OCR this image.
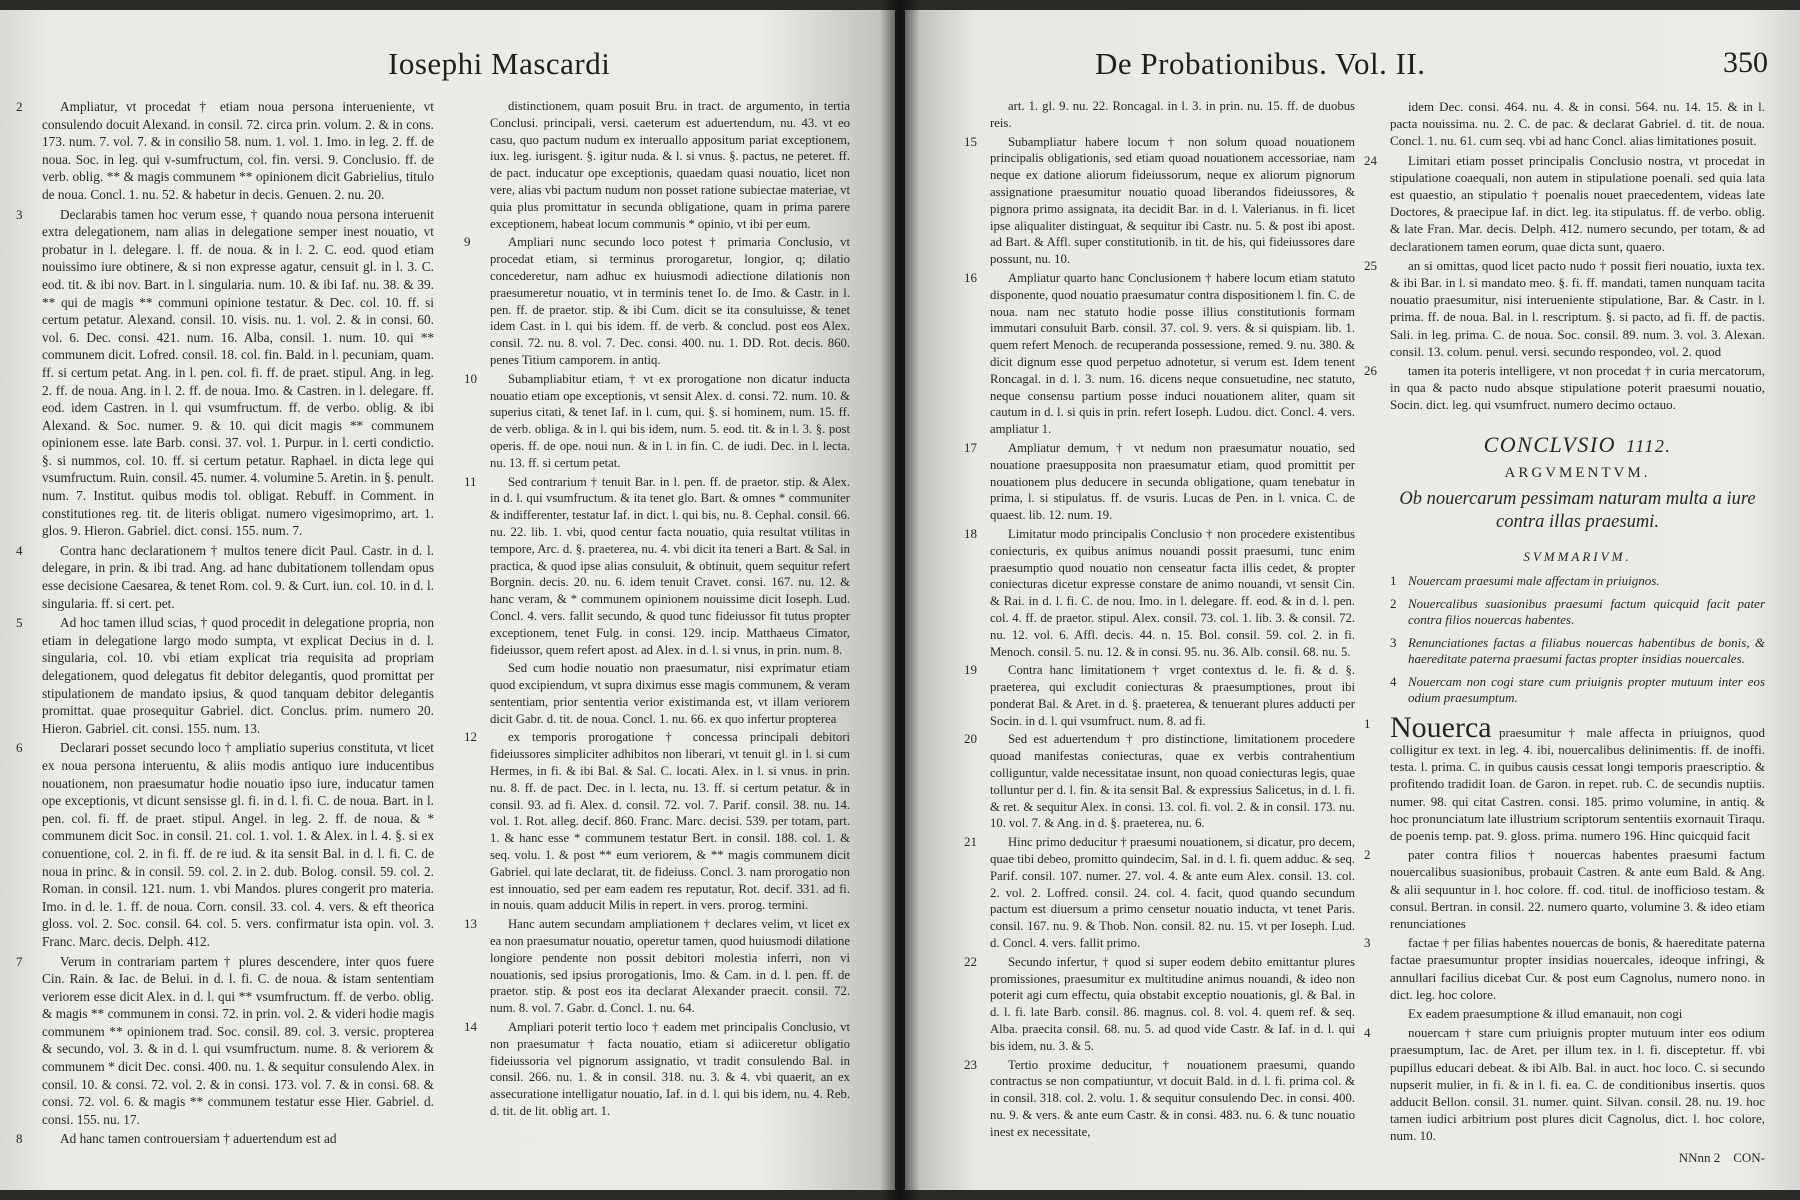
Iosephi Mascardi

2	Ampliatur, vt procedat † etiam noua persona interueniente, vt consulendo docuit Alexand. in consil. 72. circa prin. volum. 2. & in cons. 173. num. 7. vol. 7. & in consilio 58. num. 1. vol. 1. Imo. in leg. 2. ff. de noua. Soc. in leg. qui v-sumfructum, col. fin. versi. 9. Conclusio. ff. de verb. oblig. ** & magis communem ** opinionem dicit Gabrielius, titulo de noua. Concl. 1. nu. 52. & habetur in decis. Genuen. 2. nu. 20.

3	Declarabis tamen hoc verum esse, † quando noua persona interuenit extra delegationem, nam alias in delegatione semper inest nouatio, vt probatur in l. delegare. l. ff. de noua. & in l. 2. C. eod. quod etiam nouissimo iure obtinere, & si non expresse agatur, censuit gl. in l. 3. C. eod. tit. & ibi nov. Bart. in l. singularia. num. 10. & ibi Iaf. nu. 38. & 39. ** qui de magis ** communi opinione testatur. & Dec. col. 10. ff. si certum petatur. Alexand. consil. 10. visis. nu. 1. vol. 2. & in consi. 60. vol. 6. Dec. consi. 421. num. 16. Alba, consil. 1. num. 10. qui ** communem dicit. Lofred. consil. 18. col. fin. Bald. in l. pecuniam, quam. ff. si certum petat. Ang. in l. pen. col. fi. ff. de praet. stipul. Ang. in leg. 2. ff. de noua. Ang. in l. 2. ff. de noua. Imo. & Castren. in l. delegare. ff. eod. idem Castren. in l. qui vsumfructum. ff. de verbo. oblig. & ibi Alexand. & Soc. numer. 9. & 10. qui dicit magis ** communem opinionem esse. late Barb. consi. 37. vol. 1. Purpur. in l. certi condictio. §. si nummos, col. 10. ff. si certum petatur. Raphael. in dicta lege qui vsumfructum. Ruin. consil. 45. numer. 4. volumine 5. Aretin. in §. penult. num. 7. Institut. quibus modis tol. obligat. Rebuff. in Comment. in constitutiones reg. tit. de literis obligat. numero vigesimoprimo, art. 1. glos. 9. Hieron. Gabriel. dict. consi. 155. num. 7.

4	Contra hanc declarationem † multos tenere dicit Paul. Castr. in d. l. delegare, in prin. & ibi trad. Ang. ad hanc dubitationem tollendam opus esse decisione Caesarea, & tenet Rom. col. 9. & Curt. iun. col. 10. in d. l. singularia. ff. si cert. pet.

5	Ad hoc tamen illud scias, † quod procedit in delegatione propria, non etiam in delegatione largo modo sumpta, vt explicat Decius in d. l. singularia, col. 10. vbi etiam explicat tria requisita ad propriam delegationem, quod delegatus fit debitor delegantis, quod promittat per stipulationem de mandato ipsius, & quod tanquam debitor delegantis promittat. quae prosequitur Gabriel. dict. Conclus. prim. numero 20. Hieron. Gabriel. cit. consi. 155. num. 13.

6	Declarari posset secundo loco † ampliatio superius constituta, vt licet ex noua persona interuentu, & aliis modis antiquo iure inducentibus nouationem, non praesumatur hodie nouatio ipso iure, inducatur tamen ope exceptionis, vt dicunt sensisse gl. fi. in d. l. fi. C. de noua. Bart. in l. pen. col. fi. ff. de praet. stipul. Angel. in leg. 2. ff. de noua. & * communem dicit Soc. in consil. 21. col. 1. vol. 1. & Alex. in l. 4. §. si ex conuentione, col. 2. in fi. ff. de re iud. & ita sensit Bal. in d. l. fi. C. de noua in princ. & in consil. 59. col. 2. in 2. dub. Bolog. consil. 59. col. 2. Roman. in consil. 121. num. 1. vbi Mandos. plures congerit pro materia. Imo. in d. le. 1. ff. de noua. Corn. consil. 33. col. 4. vers. & eft theorica gloss. vol. 2. Soc. consil. 64. col. 5. vers. confirmatur ista opin. vol. 3. Franc. Marc. decis. Delph. 412.

7	Verum in contrariam partem † plures descendere, inter quos fuere Cin. Rain. & Iac. de Belui. in d. l. fi. C. de noua. & istam sententiam veriorem esse dicit Alex. in d. l. qui ** vsumfructum. ff. de verbo. oblig. & magis ** communem in consi. 72. in prin. vol. 2. & videri hodie magis communem ** opinionem trad. Soc. consil. 89. col. 3. versic. propterea & secundo, vol. 3. & in d. l. qui vsumfructum. nume. 8. & veriorem & communem * dicit Dec. consi. 400. nu. 1. & sequitur consulendo Alex. in consil. 10. & consi. 72. vol. 2. & in consi. 173. vol. 7. & in consi. 68. & consi. 72. vol. 6. & magis ** communem testatur esse Hier. Gabriel. d. consi. 155. nu. 17.

8	Ad hanc tamen controuersiam † aduertendum est ad

distinctionem, quam posuit Bru. in tract. de argumento, in tertia Conclusi. principali, versi. caeterum est aduertendum, nu. 43. vt eo casu, quo pactum nudum ex interuallo appositum pariat exceptionem, iux. leg. iurisgent. §. igitur nuda. & l. si vnus. §. pactus, ne peteret. ff. de pact. inducatur ope exceptionis, quaedam quasi nouatio, licet non vere, alias vbi pactum nudum non posset ratione subiectae materiae, vt quia plus promittatur in secunda obligatione, quam in prima parere exceptionem, habeat locum communis * opinio, vt ibi per eum.

9	Ampliari nunc secundo loco potest † primaria Conclusio, vt procedat etiam, si terminus prorogaretur, longior, q; dilatio concederetur, nam adhuc ex huiusmodi adiectione dilationis non praesumeretur nouatio, vt in terminis tenet Io. de Imo. & Castr. in l. pen. ff. de praetor. stip. & ibi Cum. dicit se ita consuluisse, & tenet idem Cast. in l. qui bis idem. ff. de verb. & conclud. post eos Alex. consil. 72. nu. 8. vol. 7. Dec. consi. 400. nu. 1. DD. Rot. decis. 860. penes Titium camporem. in antiq.

10 Subampliabitur etiam, † vt ex prorogatione non dicatur inducta nouatio etiam ope exceptionis, vt sensit Alex. d. consi. 72. num. 10. & superius citati, & tenet Iaf. in l. cum, qui. §. si hominem, num. 15. ff. de verb. obliga. & in l. qui bis idem, num. 5. eod. tit. & in l. 3. §. post operis. ff. de ope. noui nun. & in l. in fin. C. de iudi. Dec. in l. lecta. nu. 13. ff. si certum petat.

11 Sed contrarium † tenuit Bar. in l. pen. ff. de praetor. stip. & Alex. in d. l. qui vsumfructum. & ita tenet glo. Bart. & omnes * communiter & indifferenter, testatur Iaf. in dict. l. qui bis, nu. 8. Cephal. consil. 66. nu. 22. lib. 1. vbi, quod centur facta nouatio, quia resultat vtilitas in tempore, Arc. d. §. praeterea, nu. 4. vbi dicit ita teneri a Bart. & Sal. in practica, & quod ipse alias consuluit, & obtinuit, quem sequitur refert Borgnin. decis. 20. nu. 6. idem tenuit Cravet. consi. 167. nu. 12. & hanc veram, & * communem opinionem nouissime dicit Ioseph. Lud. Concl. 4. vers. fallit secundo, & quod tunc fideiussor fit tutus propter exceptionem, tenet Fulg. in consi. 129. incip. Matthaeus Cimator, fideiussor, quem refert apost. ad Alex. in d. l. si vnus, in prin. num. 8.

Sed cum hodie nouatio non praesumatur, nisi exprimatur etiam quod excipiendum, vt supra diximus esse magis communem, & veram sententiam, prior sententia verior existimanda est, vt illam veriorem dicit Gabr. d. tit. de noua. Concl. 1. nu. 66. ex quo infertur propterea

12 ex temporis prorogatione † concessa principali debitori fideiussores simpliciter adhibitos non liberari, vt tenuit gl. in l. si cum Hermes, in fi. & ibi Bal. & Sal. C. locati. Alex. in l. si vnus. in prin. nu. 8. ff. de pact. Dec. in l. lecta, nu. 13. ff. si certum petatur. & in consil. 93. ad fi. Alex. d. consil. 72. vol. 7. Parif. consil. 38. nu. 14. vol. 1. Rot. alleg. decif. 860. Franc. Marc. decisi. 539. per totam, part. 1. & hanc esse * communem testatur Bert. in consil. 188. col. 1. & seq. volu. 1. & post ** eum veriorem, & ** magis communem dicit Gabriel. qui late declarat, tit. de fideiuss. Concl. 3. nam prorogatio non est innouatio, sed per eam eadem res reputatur, Rot. decif. 331. ad fi. in nouis. quam adducit Milis in repert. in vers. prorog. termini.

13 Hanc autem secundam ampliationem † declares velim, vt licet ex ea non praesumatur nouatio, operetur tamen, quod huiusmodi dilatione longiore pendente non possit debitori molestia inferri, non vi nouationis, sed ipsius prorogationis, Imo. & Cam. in d. l. pen. ff. de praetor. stip. & post eos ita declarat Alexander praecit. consil. 72. num. 8. vol. 7. Gabr. d. Concl. 1. nu. 64.

14 Ampliari poterit tertio loco † eadem met principalis Conclusio, vt non praesumatur † facta nouatio, etiam si adiiceretur obligatio fideiussoria vel pignorum assignatio, vt tradit consulendo Bal. in consil. 266. nu. 1. & in consil. 318. nu. 3. & 4. vbi quaerit, an ex assecuratione intelligatur nouatio, Iaf. in d. l. qui bis idem, nu. 4. Reb. d. tit. de lit. oblig art. 1.

De Probationibus. Vol. II.	350

art. 1. gl. 9. nu. 22. Roncagal. in l. 3. in prin. nu. 15. ff. de duobus reis.

15 Subampliatur habere locum † non solum quoad nouationem principalis obligationis, sed etiam quoad nouationem accessoriae, nam neque ex datione aliorum fideiussorum, neque ex aliorum pignorum assignatione praesumitur nouatio quoad liberandos fideiussores, & pignora primo assignata, ita decidit Bar. in d. l. Valerianus. in fi. licet ipse aliqualiter distinguat, & sequitur ibi Castr. nu. 5. & post ibi apost. ad Bart. & Affl. super constitutionib. in tit. de his, qui fideiussores dare possunt, nu. 10.

16 Ampliatur quarto hanc Conclusionem † habere locum etiam statuto disponente, quod nouatio praesumatur contra dispositionem l. fin. C. de noua. nam nec statuto hodie posse illius constitutionis formam immutari consuluit Barb. consil. 37. col. 9. vers. & si quispiam. lib. 1. quem refert Menoch. de recuperanda possessione, remed. 9. nu. 380. & dicit dignum esse quod perpetuo adnotetur, si verum est. Idem tenent Roncagal. in d. l. 3. num. 16. dicens neque consuetudine, nec statuto, neque consensu partium posse induci nouationem aliter, quam sit cautum in d. l. si quis in prin. refert Ioseph. Ludou. dict. Concl. 4. vers. ampliatur 1.

17 Ampliatur demum, † vt nedum non praesumatur nouatio, sed nouatione praesupposita non praesumatur etiam, quod promittit per nouationem plus deducere in secunda obligatione, quam tenebatur in prima, l. si stipulatus. ff. de vsuris. Lucas de Pen. in l. vnica. C. de quaest. lib. 12. num. 19.

18 Limitatur modo principalis Conclusio † non procedere existentibus coniecturis, ex quibus animus nouandi possit praesumi, tunc enim praesumptio quod nouatio non censeatur facta illis cedet, & propter coniecturas dicetur expresse constare de animo nouandi, vt sensit Cin. & Rai. in d. l. fi. C. de nou. Imo. in l. delegare. ff. eod. & in d. l. pen. col. 4. ff. de praetor. stipul. Alex. consil. 73. col. 1. lib. 3. & consil. 72. nu. 12. vol. 6. Affl. decis. 44. n. 15. Bol. consil. 59. col. 2. in fi. Menoch. consil. 5. nu. 12. & in consi. 95. nu. 36. Alb. consil. 68. nu. 5.

19 Contra hanc limitationem † vrget contextus d. le. fi. & d. §. praeterea, qui excludit coniecturas & praesumptiones, prout ibi ponderat Bal. & Aret. in d. §. praeterea, & tenuerant plures adducti per Socin. in d. l. qui vsumfruct. num. 8. ad fi.

20 Sed est aduertendum † pro distinctione, limitationem procedere quoad manifestas coniecturas, quae ex verbis contrahentium colliguntur, valde necessitatae insunt, non quoad coniecturas legis, quae tolluntur per d. l. fin. & ita sensit Bal. & expressius Salicetus, in d. l. fi. & ret. & sequitur Alex. in consi. 13. col. fi. vol. 2. & in consil. 173. nu. 10. vol. 7. & Ang. in d. §. praeterea, nu. 6.

21 Hinc primo deducitur † praesumi nouationem, si dicatur, pro decem, quae tibi debeo, promitto quindecim, Sal. in d. l. fi. quem adduc. & seq. Parif. consil. 107. numer. 27. vol. 4. & ante eum Alex. consil. 13. col. 2. vol. 2. Loffred. consil. 24. col. 4. facit, quod quando secundum pactum est diuersum a primo censetur nouatio inducta, vt tenet Paris. consil. 167. nu. 9. & Thob. Non. consil. 82. nu. 15. vt per Ioseph. Lud. d. Concl. 4. vers. fallit primo.

22 Secundo infertur, † quod si super eodem debito emittantur plures promissiones, praesumitur ex multitudine animus nouandi, & ideo non poterit agi cum effectu, quia obstabit exceptio nouationis, gl. & Bal. in d. l. fi. late Barb. consil. 86. magnus. col. 8. vol. 4. quem ref. & seq. Alba. praecita consil. 68. nu. 5. ad quod vide Castr. & Iaf. in d. l. qui bis idem, nu. 3. & 5.

23 Tertio proxime deducitur, † nouationem praesumi, quando contractus se non compatiuntur, vt docuit Bald. in d. l. fi. prima col. & in consil. 318. col. 2. volu. 1. & sequitur consulendo Dec. in consi. 400. nu. 9. & vers. & ante eum Castr. & in consi. 483. nu. 6. & tunc nouatio inest ex necessitate,

idem Dec. consi. 464. nu. 4. & in consi. 564. nu. 14. 15. & in l. pacta nouissima. nu. 2. C. de pac. & declarat Gabriel. d. tit. de noua. Concl. 1. nu. 61. cum seq. vbi ad hanc Concl. alias limitationes posuit.

24 Limitari etiam posset principalis Conclusio nostra, vt procedat in stipulatione coaequali, non autem in stipulatione poenali. sed quia lata est quaestio, an stipulatio † poenalis nouet praecedentem, videas late Doctores, & praecipue Iaf. in dict. leg. ita stipulatus. ff. de verbo. oblig. & late Fran. Mar. decis. Delph. 412. numero secundo, per totam, & ad declarationem tamen eorum, quae dicta sunt, quaero.

25 an si omittas, quod licet pacto nudo † possit fieri nouatio, iuxta tex. & ibi Bar. in l. si mandato meo. §. fi. ff. mandati, tamen nunquam tacita nouatio praesumitur, nisi interueniente stipulatione, Bar. & Castr. in l. prima. ff. de noua. Bal. in l. rescriptum. §. si pacto, ad fi. ff. de pactis. Sali. in leg. prima. C. de noua. Soc. consil. 89. num. 3. vol. 3. Alexan. consil. 13. colum. penul. versi. secundo respondeo, vol. 2. quod

26 tamen ita poteris intelligere, vt non procedat † in curia mercatorum, in qua & pacto nudo absque stipulatione poterit praesumi nouatio, Socin. dict. leg. qui vsumfruct. numero decimo octauo.

CONCLVSIO 1112.
ARGVMENTVM.
Ob nouercarum pessimam naturam multa a iure contra illas praesumi.
SVMMARIVM.
1 Nouercam praesumi male affectam in priuignos.
2 Nouercalibus suasionibus praesumi factum quicquid facit pater contra filios nouercas habentes.
3 Renunciationes factas a filiabus nouercas habentibus de bonis, & haereditate paterna praesumi factas propter insidias nouercales.
4 Nouercam non cogi stare cum priuignis propter mutuum inter eos odium praesumptum.

1 Nouerca praesumitur † male affecta in priuignos, quod colligitur ex text. in leg. 4. ibi, nouercalibus delinimentis. ff. de inoffi. testa. l. prima. C. in quibus causis cessat longi temporis praescriptio. & profitendo tradidit Ioan. de Garon. in repet. rub. C. de secundis nuptiis. numer. 98. qui citat Castren. consi. 185. primo volumine, in antiq. & hoc pronunciatum late illustrium scriptorum sententiis exornauit Tiraqu. de poenis temp. pat. 9. gloss. prima. numero 196. Hinc quicquid facit

2	pater contra filios † nouercas habentes praesumi factum nouercalibus suasionibus, probauit Castren. & ante eum Bald. & Ang. & alii sequuntur in l. hoc colore. ff. cod. titul. de inofficioso testam. & consul. Bertran. in consil. 22. numero quarto, volumine 3. & ideo etiam renunciationes

3	factae † per filias habentes nouercas de bonis, & haereditate paterna factae praesumuntur propter insidias nouercales, ideoque infringi, & annullari facilius dicebat Cur. & post eum Cagnolus, numero nono. in dict. leg. hoc colore.

Ex eadem praesumptione & illud emanauit, non cogi

4	nouercam † stare cum priuignis propter mutuum inter eos odium praesumptum, Iac. de Aret. per illum tex. in l. fi. disceptetur. ff. vbi pupillus educari debeat. & ibi Alb. Bal. in auct. hoc loco. C. si secundo nupserit mulier, in fi. & in l. fi. ea. C. de conditionibus insertis. quos adducit Bellon. consil. 31. numer. quint. Silvan. consil. 28. nu. 19. hoc tamen iudici arbitrium post plures dicit Cagnolus, dict. l. hoc colore, num. 10.

NNnn 2 CON-
